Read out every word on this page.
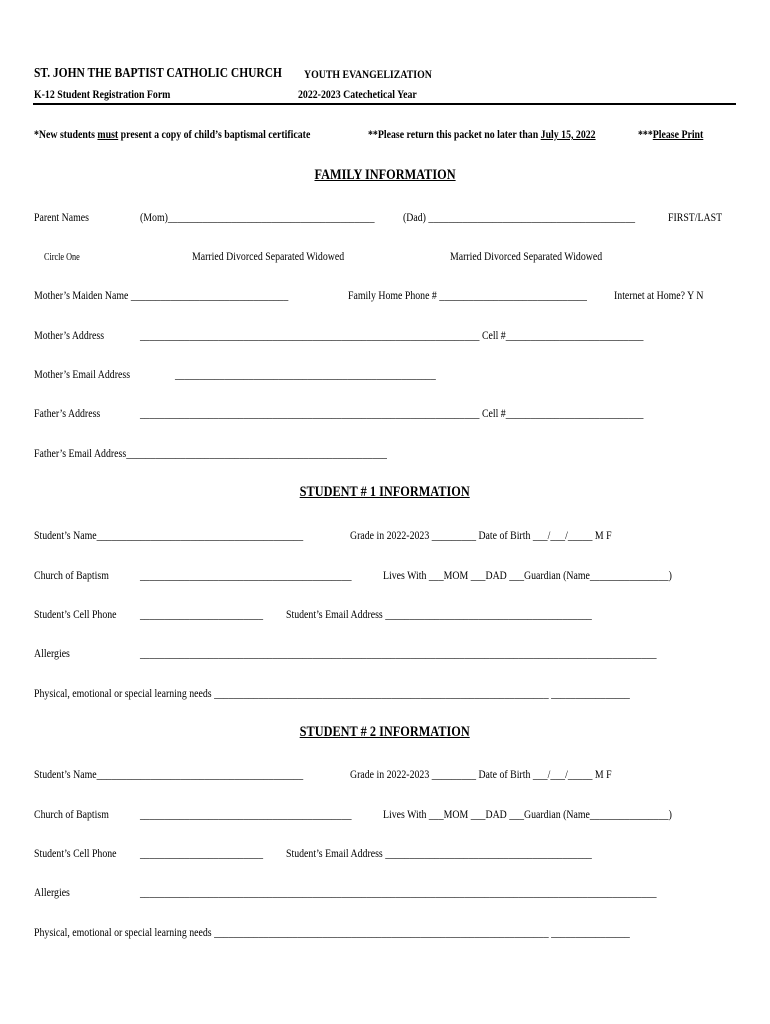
ST. JOHN THE BAPTIST CATHOLIC CHURCH YOUTH EVANGELIZATION
K-12 Student Registration Form	2022-2023 Catechetical Year
*New students must present a copy of child’s baptismal certificate	**Please return this packet no later than July 15, 2022	***Please Print
FAMILY INFORMATION
Parent Names	(Mom)__________________________________________ (Dad) __________________________________________	FIRST/LAST
Circle One	Married Divorced Separated Widowed	Married Divorced Separated Widowed
Mother’s Maiden Name ________________________________	Family Home Phone # ______________________________ Internet at Home? Y N
Mother’s Address	_____________________________________________________________________ Cell #____________________________
Mother’s Email Address	_____________________________________________________
Father’s Address	_____________________________________________________________________ Cell #____________________________
Father’s Email Address_____________________________________________________
STUDENT # 1 INFORMATION
Student’s Name__________________________________________	Grade in 2022-2023 _________ Date of Birth ___/___/_____ M F
Church of Baptism	___________________________________________	Lives With ___MOM ___DAD ___Guardian (Name________________)
Student’s Cell Phone _________________________ Student’s Email Address __________________________________________
Allergies	_________________________________________________________________________________________________________
Physical, emotional or special learning needs ____________________________________________________________________ ________________
STUDENT # 2 INFORMATION
Student’s Name__________________________________________	Grade in 2022-2023 _________ Date of Birth ___/___/_____ M F
Church of Baptism	___________________________________________	Lives With ___MOM ___DAD ___Guardian (Name________________)
Student’s Cell Phone _________________________ Student’s Email Address __________________________________________
Allergies	_________________________________________________________________________________________________________
Physical, emotional or special learning needs ____________________________________________________________________ ________________
